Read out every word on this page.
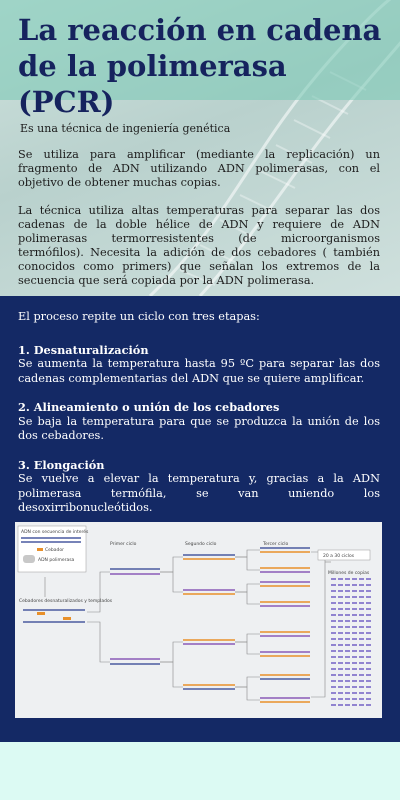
La reacción en cadena de la polimerasa (PCR)

Es una técnica de ingeniería genética

Se utiliza para amplificar (mediante la replicación) un fragmento de ADN utilizando ADN polimerasas, con el objetivo de obtener muchas copias.

La técnica utiliza altas temperaturas para separar las dos cadenas de la doble hélice de ADN y requiere de ADN polimerasas termorresistentes (de microorganismos termófilos). Necesita la adición de dos cebadores ( también conocidos como primers) que señalan los extremos de la secuencia que será copiada por la ADN polimerasa.

El proceso repite un ciclo con tres etapas:

1. Desnaturalización

Se aumenta la temperatura hasta 95 ºC para separar las dos cadenas complementarias del ADN que se quiere amplificar.

2. Alineamiento o unión de los cebadores

Se baja la temperatura para que se produzca la unión de los dos cebadores.

3. Elongación

Se vuelve a elevar la temperatura y, gracias a la ADN polimerasa termófila, se van uniendo los desoxirribonucleótidos.

ADN con secuencia de interés
Cebador
ADN polimerasa
Primer ciclo	Segundo ciclo	Tercer ciclo
Cebadores desnaturalizados y templados
20 a 30 ciclos
Millones de copias
